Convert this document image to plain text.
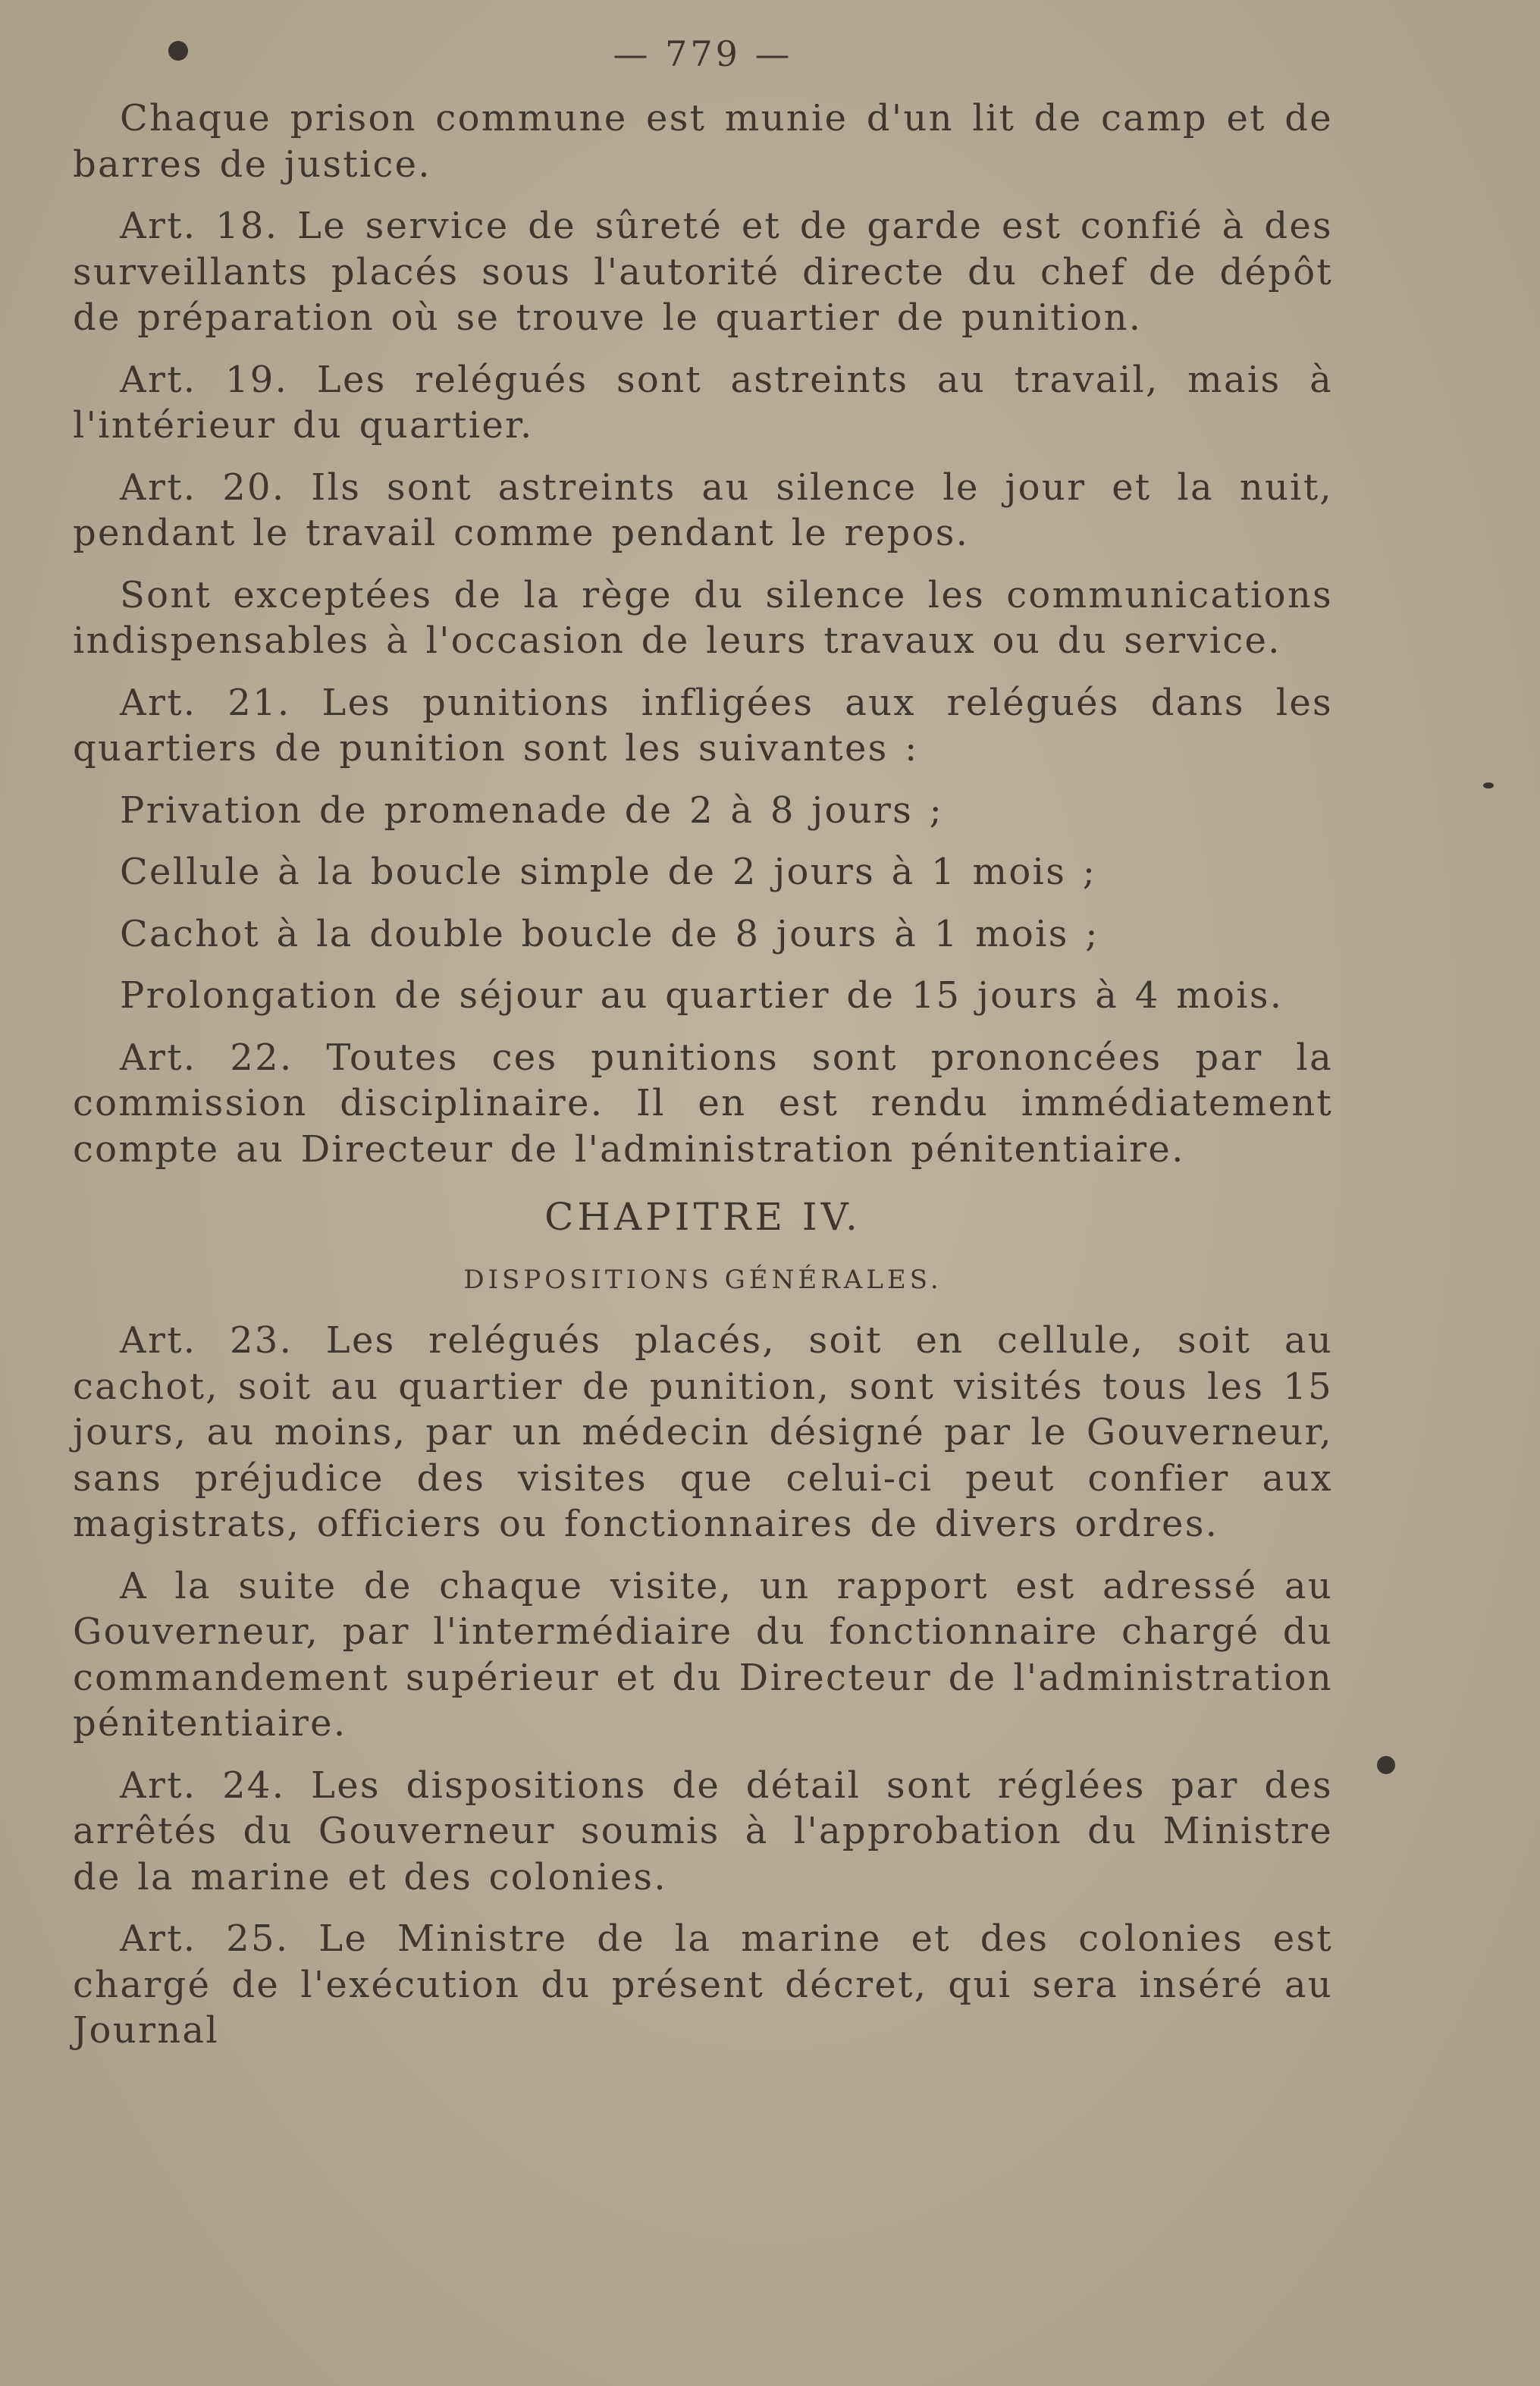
— 779 —

Chaque prison commune est munie d'un lit de camp et de barres de justice.

Art. 18. Le service de sûreté et de garde est confié à des surveillants placés sous l'autorité directe du chef de dépôt de préparation où se trouve le quartier de punition.

Art. 19. Les relégués sont astreints au travail, mais à l'intérieur du quartier.

Art. 20. Ils sont astreints au silence le jour et la nuit, pendant le travail comme pendant le repos.

Sont exceptées de la rège du silence les communications indispensables à l'occasion de leurs travaux ou du service.

Art. 21. Les punitions infligées aux relégués dans les quartiers de punition sont les suivantes :

Privation de promenade de 2 à 8 jours ;

Cellule à la boucle simple de 2 jours à 1 mois ;

Cachot à la double boucle de 8 jours à 1 mois ;

Prolongation de séjour au quartier de 15 jours à 4 mois.

Art. 22. Toutes ces punitions sont prononcées par la commission disciplinaire. Il en est rendu immédiatement compte au Directeur de l'administration pénitentiaire.

CHAPITRE IV.
DISPOSITIONS GÉNÉRALES.

Art. 23. Les relégués placés, soit en cellule, soit au cachot, soit au quartier de punition, sont visités tous les 15 jours, au moins, par un médecin désigné par le Gouverneur, sans préjudice des visites que celui-ci peut confier aux magistrats, officiers ou fonctionnaires de divers ordres.

A la suite de chaque visite, un rapport est adressé au Gouverneur, par l'intermédiaire du fonctionnaire chargé du commandement supérieur et du Directeur de l'administration pénitentiaire.

Art. 24. Les dispositions de détail sont réglées par des arrêtés du Gouverneur soumis à l'approbation du Ministre de la marine et des colonies.

Art. 25. Le Ministre de la marine et des colonies est chargé de l'exécution du présent décret, qui sera inséré au Journal
